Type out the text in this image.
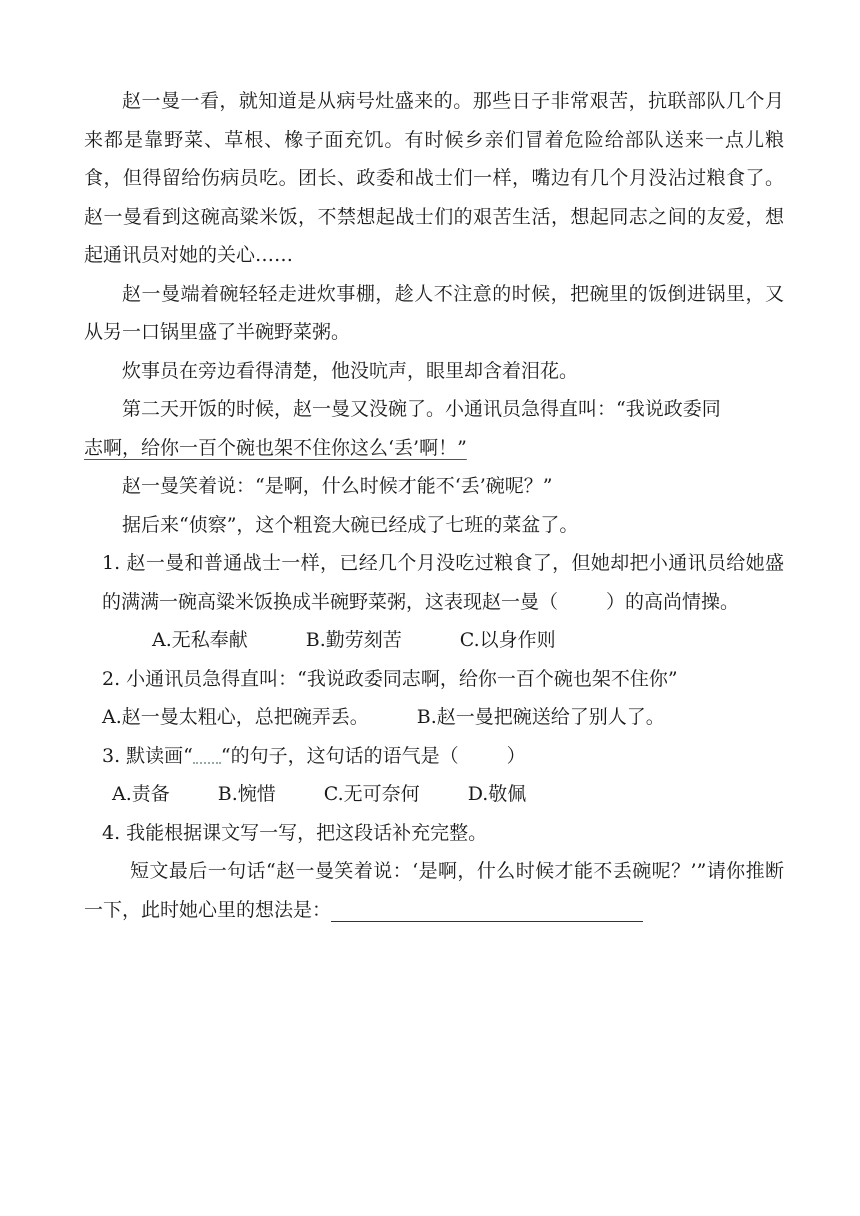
赵一曼一看，就知道是从病号灶盛来的。那些日子非常艰苦，抗联部队几个月来都是靠野菜、草根、橡子面充饥。有时候乡亲们冒着危险给部队送来一点儿粮食，但得留给伤病员吃。团长、政委和战士们一样，嘴边有几个月没沾过粮食了。赵一曼看到这碗高粱米饭，不禁想起战士们的艰苦生活，想起同志之间的友爱，想起通讯员对她的关心……

赵一曼端着碗轻轻走进炊事棚，趁人不注意的时候，把碗里的饭倒进锅里，又从另一口锅里盛了半碗野菜粥。

炊事员在旁边看得清楚，他没吭声，眼里却含着泪花。

第二天开饭的时候，赵一曼又没碗了。小通讯员急得直叫：“我说政委同
志啊，给你一百个碗也架不住你这么‘丢’啊！”

赵一曼笑着说：“是啊，什么时候才能不‘丢’碗呢？”

据后来“侦察”，这个粗瓷大碗已经成了七班的菜盆了。

1. 赵一曼和普通战士一样，已经几个月没吃过粮食了，但她却把小通讯员给她盛的满满一碗高粱米饭换成半碗野菜粥，这表现赵一曼（	）的高尚情操。

A.无私奉献	B.勤劳刻苦	C.以身作则

2. 小通讯员急得直叫：“我说政委同志啊，给你一百个碗也架不住你”

A.赵一曼太粗心，总把碗弄丢。	B.赵一曼把碗送给了别人了。

3. 默读画“ “的句子，这句话的语气是（	）

A.责备	B.惋惜	C.无可奈何	D.敬佩

4. 我能根据课文写一写，把这段话补充完整。

短文最后一句话“赵一曼笑着说：‘是啊，什么时候才能不丢碗呢？’”请你推断一下，此时她心里的想法是：
